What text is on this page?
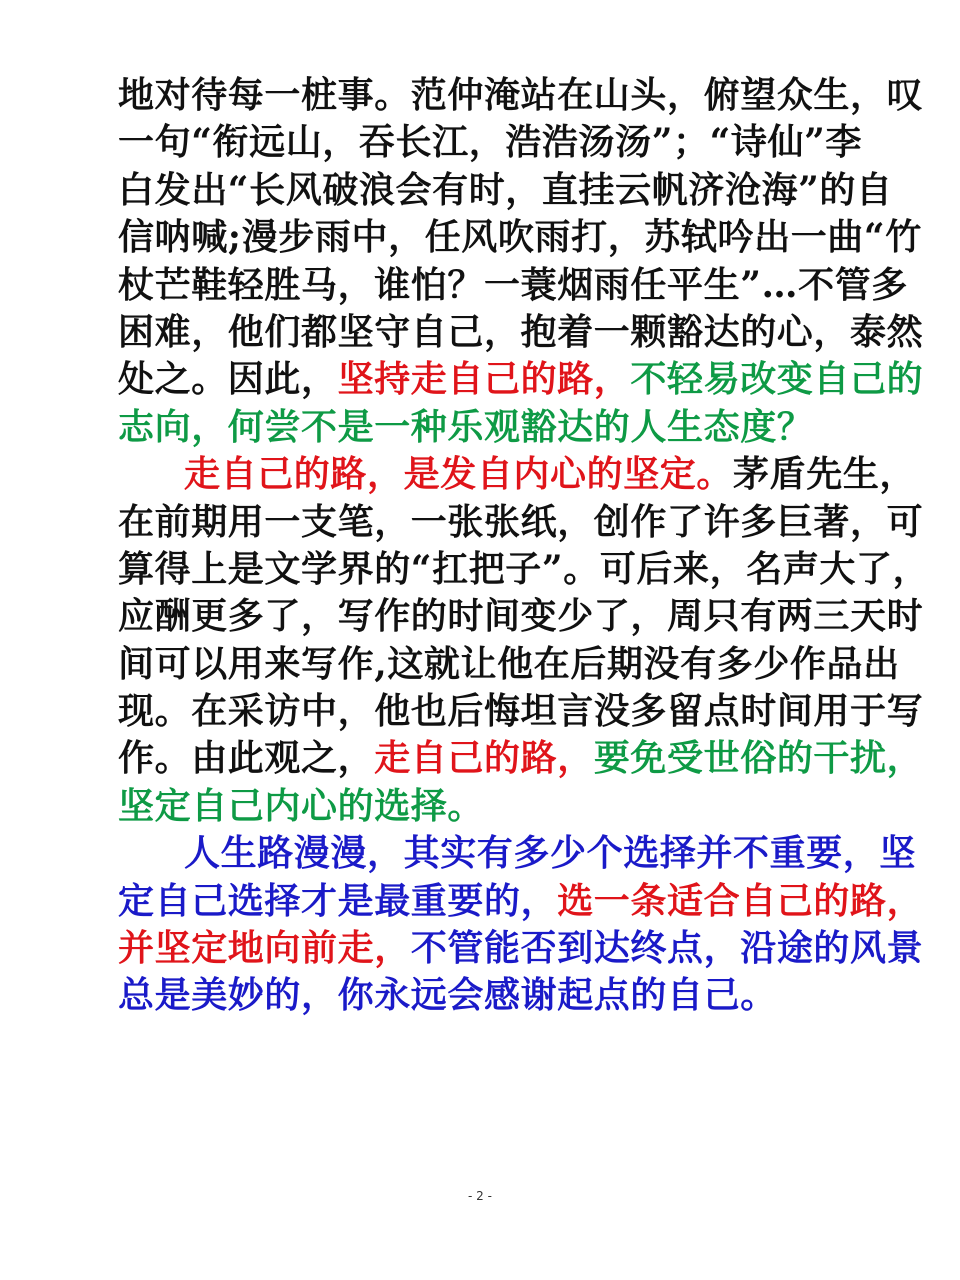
地对待每一桩事。范仲淹站在山头，俯望众生，叹
一句“衔远山，吞长江，浩浩汤汤”；“诗仙”李
白发出“长风破浪会有时，直挂云帆济沧海”的自
信呐喊;漫步雨中，任风吹雨打，苏轼吟出一曲“竹
杖芒鞋轻胜马，谁怕？一蓑烟雨任平生”…不管多
困难，他们都坚守自己，抱着一颗豁达的心，泰然
处之。因此，坚持走自己的路，不轻易改变自己的
志向，何尝不是一种乐观豁达的人生态度？
走自己的路，是发自内心的坚定。茅盾先生，
在前期用一支笔，一张张纸，创作了许多巨著，可
算得上是文学界的“扛把子”。可后来，名声大了，
应酬更多了，写作的时间变少了，周只有两三天时
间可以用来写作,这就让他在后期没有多少作品出
现。在采访中，他也后悔坦言没多留点时间用于写
作。由此观之，走自己的路，要免受世俗的干扰，
坚定自己内心的选择。
人生路漫漫，其实有多少个选择并不重要，坚
定自己选择才是最重要的，选一条适合自己的路，
并坚定地向前走，不管能否到达终点，沿途的风景
总是美妙的，你永远会感谢起点的自己。
- 2 -
